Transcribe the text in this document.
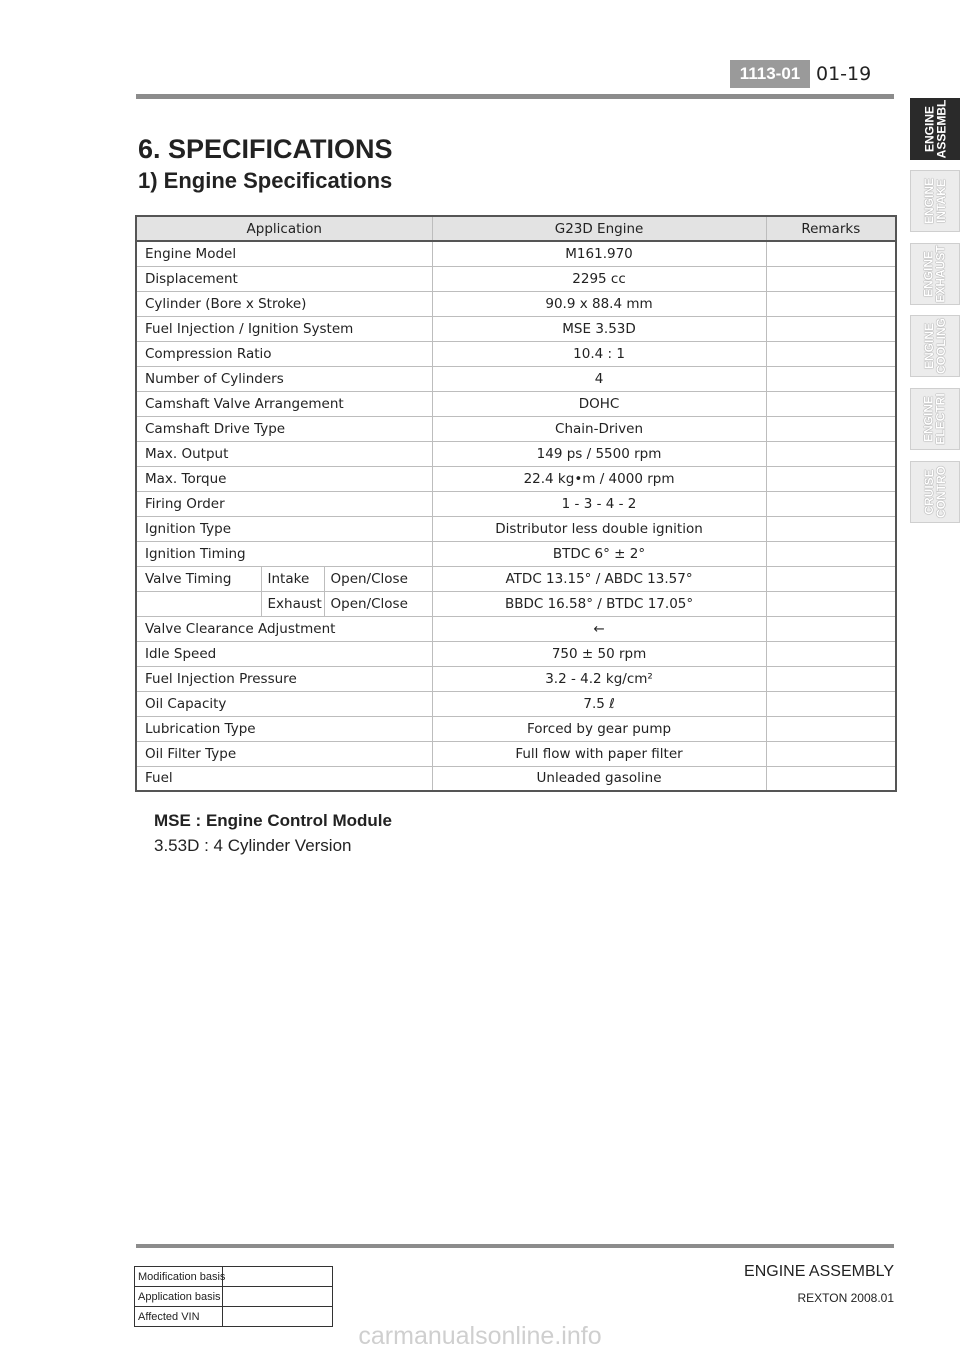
1113-01 01-19
6. SPECIFICATIONS
1) Engine Specifications
Application			G23D Engine	Remarks
Engine Model			M161.970	
Displacement			2295 cc	
Cylinder (Bore x Stroke)			90.9 x 88.4 mm	
Fuel Injection / Ignition System			MSE 3.53D	
Compression Ratio			10.4 : 1	
Number of Cylinders			4	
Camshaft Valve Arrangement			DOHC	
Camshaft Drive Type			Chain-Driven	
Max. Output			149 ps / 5500 rpm	
Max. Torque			22.4 kg•m / 4000 rpm	
Firing Order			1 - 3 - 4 - 2	
Ignition Type			Distributor less double ignition	
Ignition Timing			BTDC 6° ± 2°	
Valve Timing	Intake	Open/Close	ATDC 13.15° / ABDC 13.57°	
	Exhaust	Open/Close	BBDC 16.58° / BTDC 17.05°	
Valve Clearance Adjustment			←	
Idle Speed			750 ± 50 rpm	
Fuel Injection Pressure			3.2 - 4.2 kg/cm²	
Oil Capacity			7.5 ℓ	
Lubrication Type			Forced by gear pump	
Oil Filter Type			Full flow with paper filter	
Fuel			Unleaded gasoline	
MSE : Engine Control Module
3.53D : 4 Cylinder Version
ENGINE
ASSEMBL
ENGINE
INTAKE
ENGINE
EXHAUST
ENGINE
COOLING
ENGINE
ELECTRI
CRUISE
CONTRO
Modification basis	
Application basis	
Affected VIN	
ENGINE ASSEMBLY
REXTON 2008.01
carmanualsonline.info
